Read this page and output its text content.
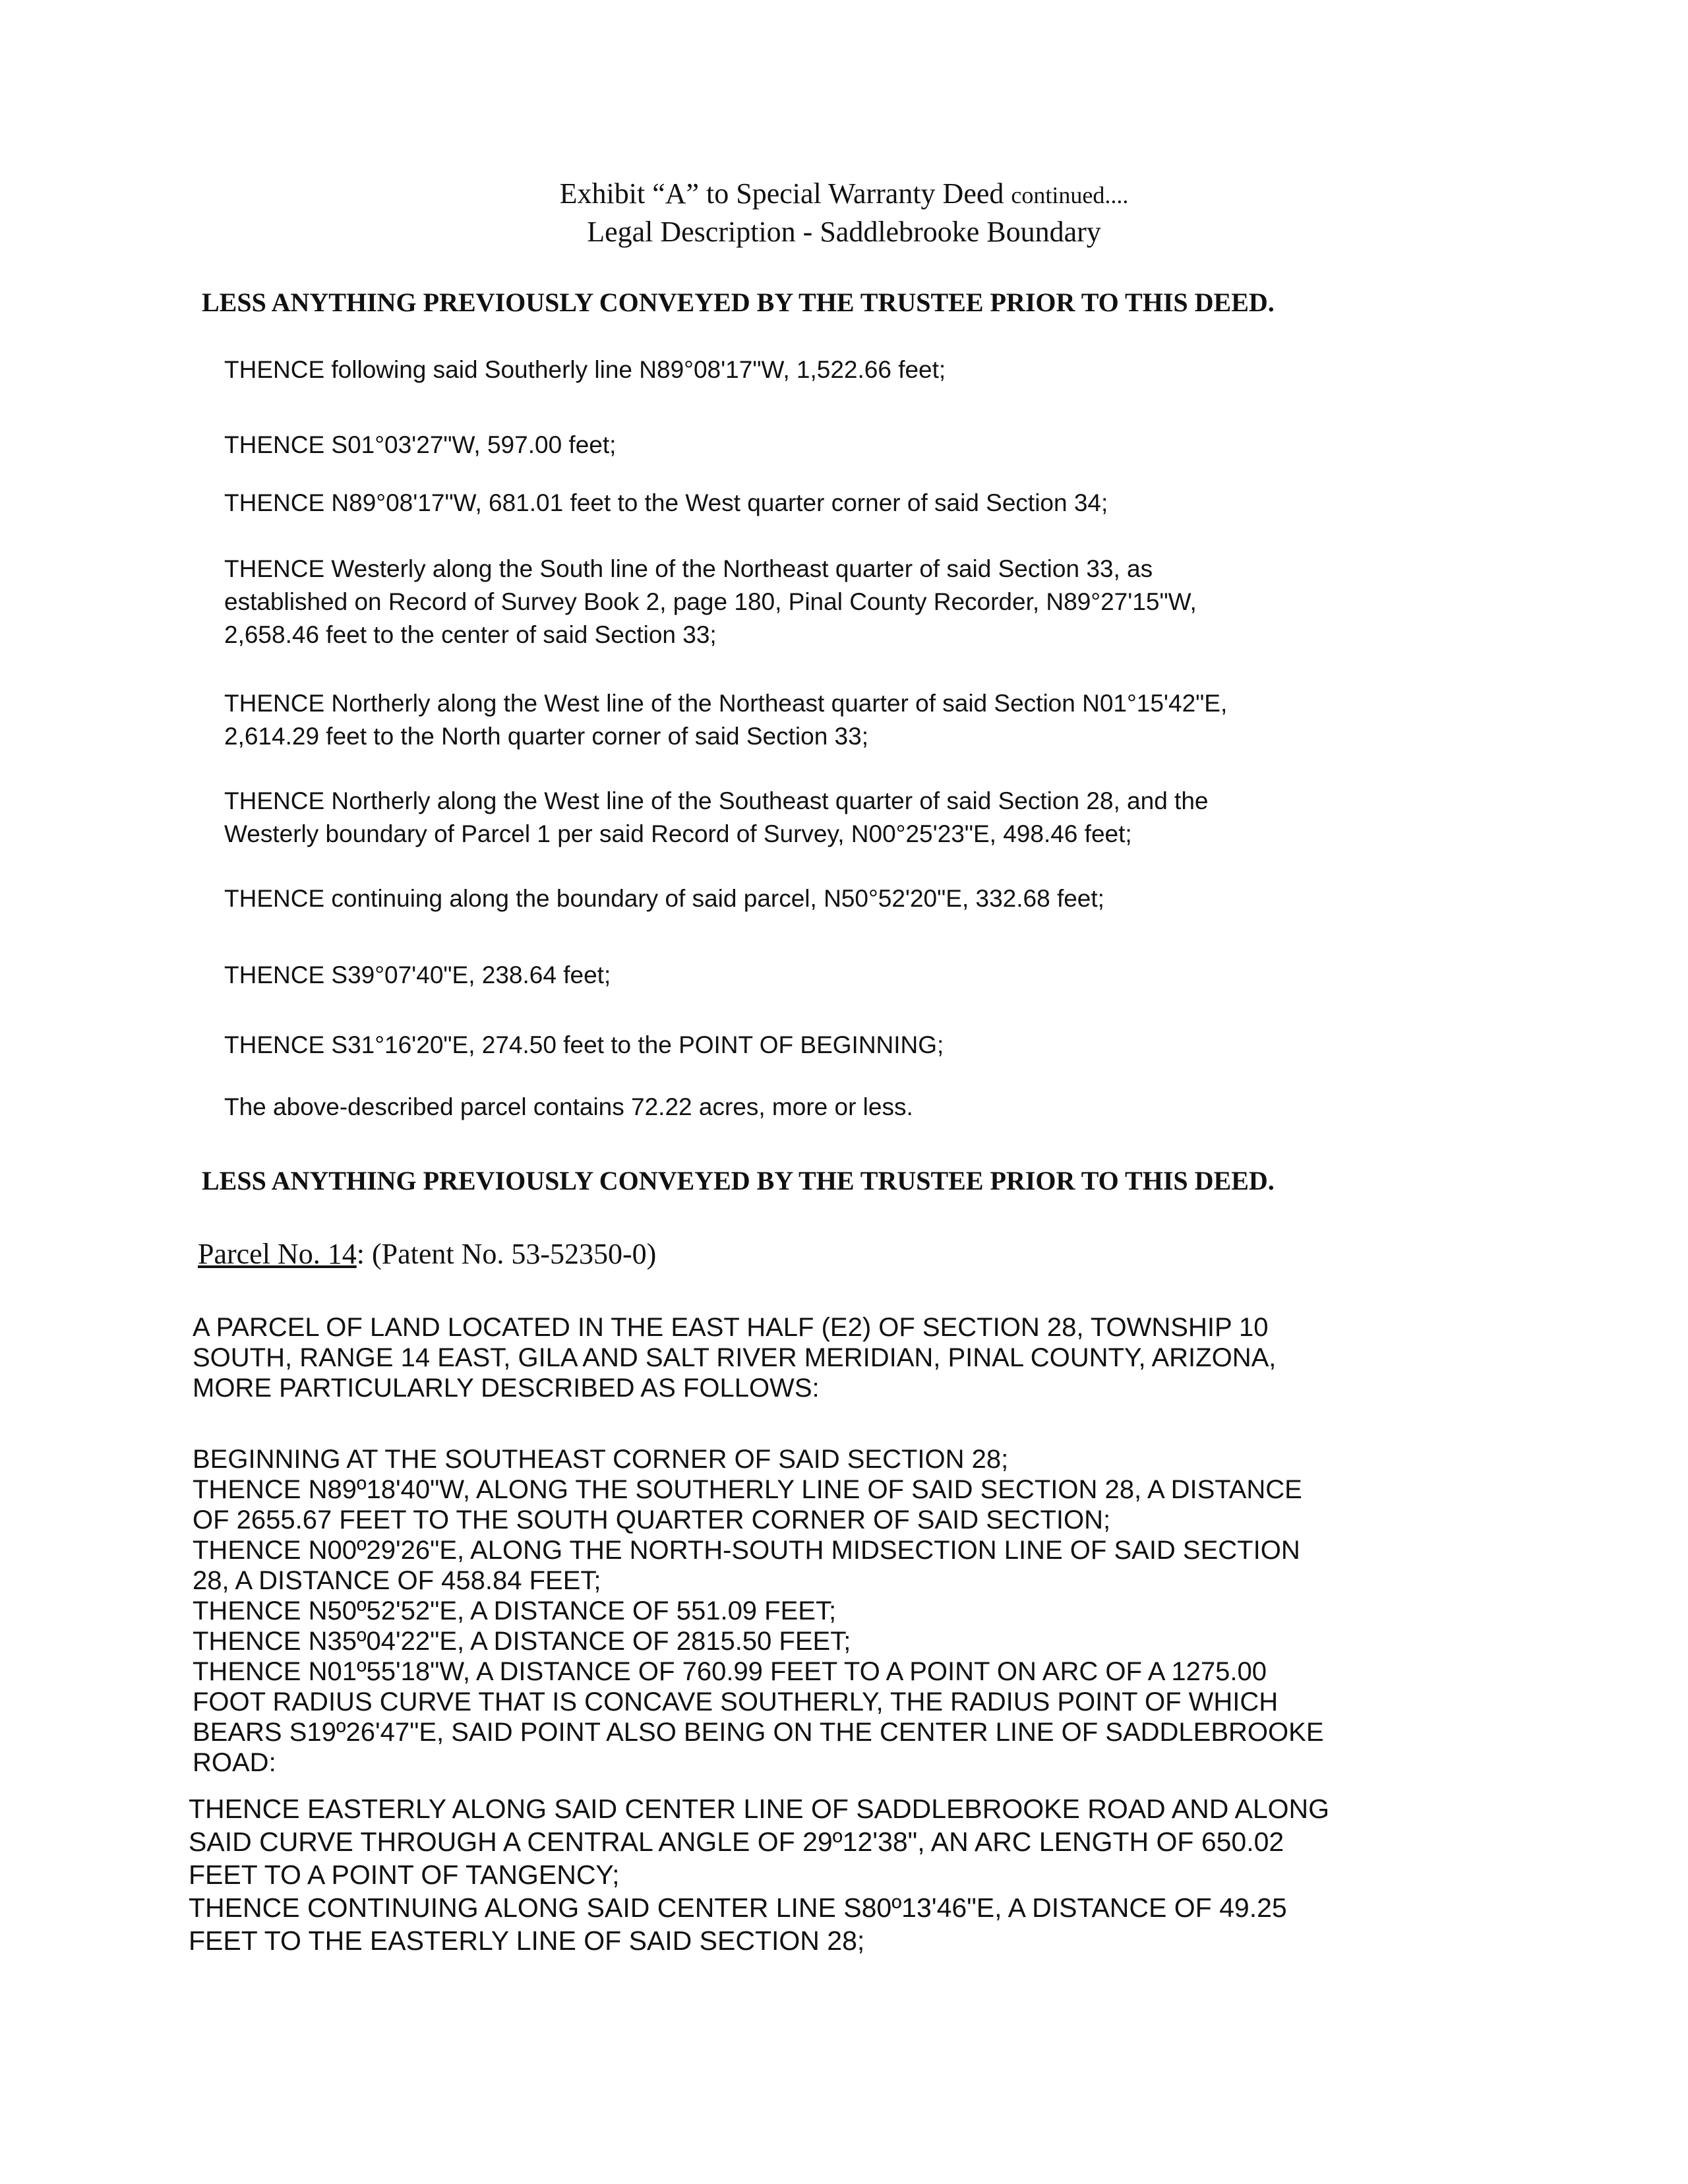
Exhibit “A” to Special Warranty Deed continued....
Legal Description - Saddlebrooke Boundary
LESS ANYTHING PREVIOUSLY CONVEYED BY THE TRUSTEE PRIOR TO THIS DEED.
THENCE following said Southerly line N89°08'17"W, 1,522.66 feet;
THENCE S01°03'27"W, 597.00 feet;
THENCE N89°08'17"W, 681.01 feet to the West quarter corner of said Section 34;
THENCE Westerly along the South line of the Northeast quarter of said Section 33, as
established on Record of Survey Book 2, page 180, Pinal County Recorder, N89°27'15"W,
2,658.46 feet to the center of said Section 33;
THENCE Northerly along the West line of the Northeast quarter of said Section N01°15'42"E,
2,614.29 feet to the North quarter corner of said Section 33;
THENCE Northerly along the West line of the Southeast quarter of said Section 28, and the
Westerly boundary of Parcel 1 per said Record of Survey, N00°25'23"E, 498.46 feet;
THENCE continuing along the boundary of said parcel, N50°52'20"E, 332.68 feet;
THENCE S39°07'40"E, 238.64 feet;
THENCE S31°16'20"E, 274.50 feet to the POINT OF BEGINNING;
The above-described parcel contains 72.22 acres, more or less.
LESS ANYTHING PREVIOUSLY CONVEYED BY THE TRUSTEE PRIOR TO THIS DEED.
Parcel No. 14: (Patent No. 53-52350-0)
A PARCEL OF LAND LOCATED IN THE EAST HALF (E2) OF SECTION 28, TOWNSHIP 10
SOUTH, RANGE 14 EAST, GILA AND SALT RIVER MERIDIAN, PINAL COUNTY, ARIZONA,
MORE PARTICULARLY DESCRIBED AS FOLLOWS:
BEGINNING AT THE SOUTHEAST CORNER OF SAID SECTION 28;
THENCE N89º18'40"W, ALONG THE SOUTHERLY LINE OF SAID SECTION 28, A DISTANCE
OF 2655.67 FEET TO THE SOUTH QUARTER CORNER OF SAID SECTION;
THENCE N00º29'26"E, ALONG THE NORTH-SOUTH MIDSECTION LINE OF SAID SECTION
28, A DISTANCE OF 458.84 FEET;
THENCE N50º52'52"E, A DISTANCE OF 551.09 FEET;
THENCE N35º04'22"E, A DISTANCE OF 2815.50 FEET;
THENCE N01º55'18"W, A DISTANCE OF 760.99 FEET TO A POINT ON ARC OF A 1275.00
FOOT RADIUS CURVE THAT IS CONCAVE SOUTHERLY, THE RADIUS POINT OF WHICH
BEARS S19º26'47"E, SAID POINT ALSO BEING ON THE CENTER LINE OF SADDLEBROOKE
ROAD:
THENCE EASTERLY ALONG SAID CENTER LINE OF SADDLEBROOKE ROAD AND ALONG
SAID CURVE THROUGH A CENTRAL ANGLE OF 29º12'38", AN ARC LENGTH OF 650.02
FEET TO A POINT OF TANGENCY;
THENCE CONTINUING ALONG SAID CENTER LINE S80º13'46"E, A DISTANCE OF 49.25
FEET TO THE EASTERLY LINE OF SAID SECTION 28;
